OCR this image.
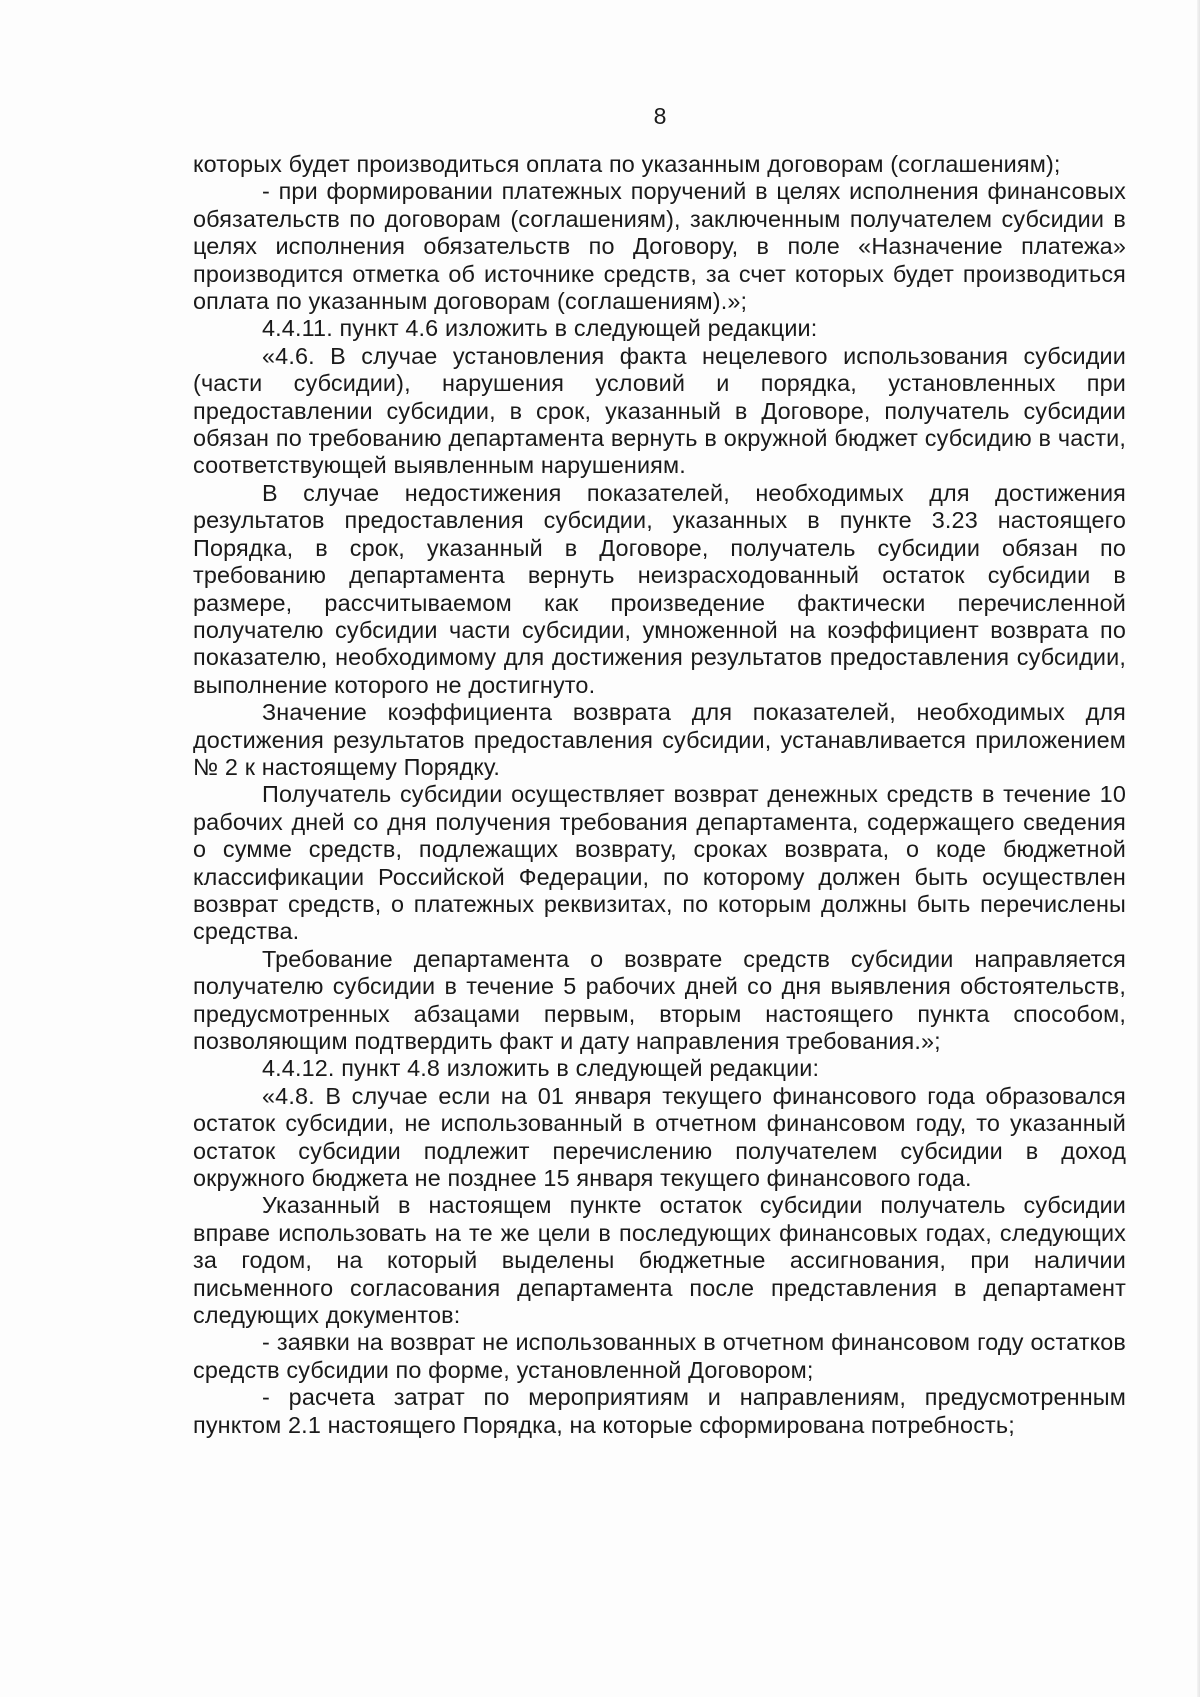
8

которых будет производиться оплата по указанным договорам (соглашениям);

- при формировании платежных поручений в целях исполнения финансовых обязательств по договорам (соглашениям), заключенным получателем субсидии в целях исполнения обязательств по Договору, в поле «Назначение платежа» производится отметка об источнике средств, за счет которых будет производиться оплата по указанным договорам (соглашениям).»;

4.4.11. пункт 4.6 изложить в следующей редакции:

«4.6. В случае установления факта нецелевого использования субсидии (части субсидии), нарушения условий и порядка, установленных при предоставлении субсидии, в срок, указанный в Договоре, получатель субсидии обязан по требованию департамента вернуть в окружной бюджет субсидию в части, соответствующей выявленным нарушениям.

В случае недостижения показателей, необходимых для достижения результатов предоставления субсидии, указанных в пункте 3.23 настоящего Порядка, в срок, указанный в Договоре, получатель субсидии обязан по требованию департамента вернуть неизрасходованный остаток субсидии в размере, рассчитываемом как произведение фактически перечисленной получателю субсидии части субсидии, умноженной на коэффициент возврата по показателю, необходимому для достижения результатов предоставления субсидии, выполнение которого не достигнуто.

Значение коэффициента возврата для показателей, необходимых для достижения результатов предоставления субсидии, устанавливается приложением № 2 к настоящему Порядку.

Получатель субсидии осуществляет возврат денежных средств в течение 10 рабочих дней со дня получения требования департамента, содержащего сведения о сумме средств, подлежащих возврату, сроках возврата, о коде бюджетной классификации Российской Федерации, по которому должен быть осуществлен возврат средств, о платежных реквизитах, по которым должны быть перечислены средства.

Требование департамента о возврате средств субсидии направляется получателю субсидии в течение 5 рабочих дней со дня выявления обстоятельств, предусмотренных абзацами первым, вторым настоящего пункта способом, позволяющим подтвердить факт и дату направления требования.»;

4.4.12. пункт 4.8 изложить в следующей редакции:

«4.8. В случае если на 01 января текущего финансового года образовался остаток субсидии, не использованный в отчетном финансовом году, то указанный остаток субсидии подлежит перечислению получателем субсидии в доход окружного бюджета не позднее 15 января текущего финансового года.

Указанный в настоящем пункте остаток субсидии получатель субсидии вправе использовать на те же цели в последующих финансовых годах, следующих за годом, на который выделены бюджетные ассигнования, при наличии письменного согласования департамента после представления в департамент следующих документов:

- заявки на возврат не использованных в отчетном финансовом году остатков средств субсидии по форме, установленной Договором;

- расчета затрат по мероприятиям и направлениям, предусмотренным пунктом 2.1 настоящего Порядка, на которые сформирована потребность;
